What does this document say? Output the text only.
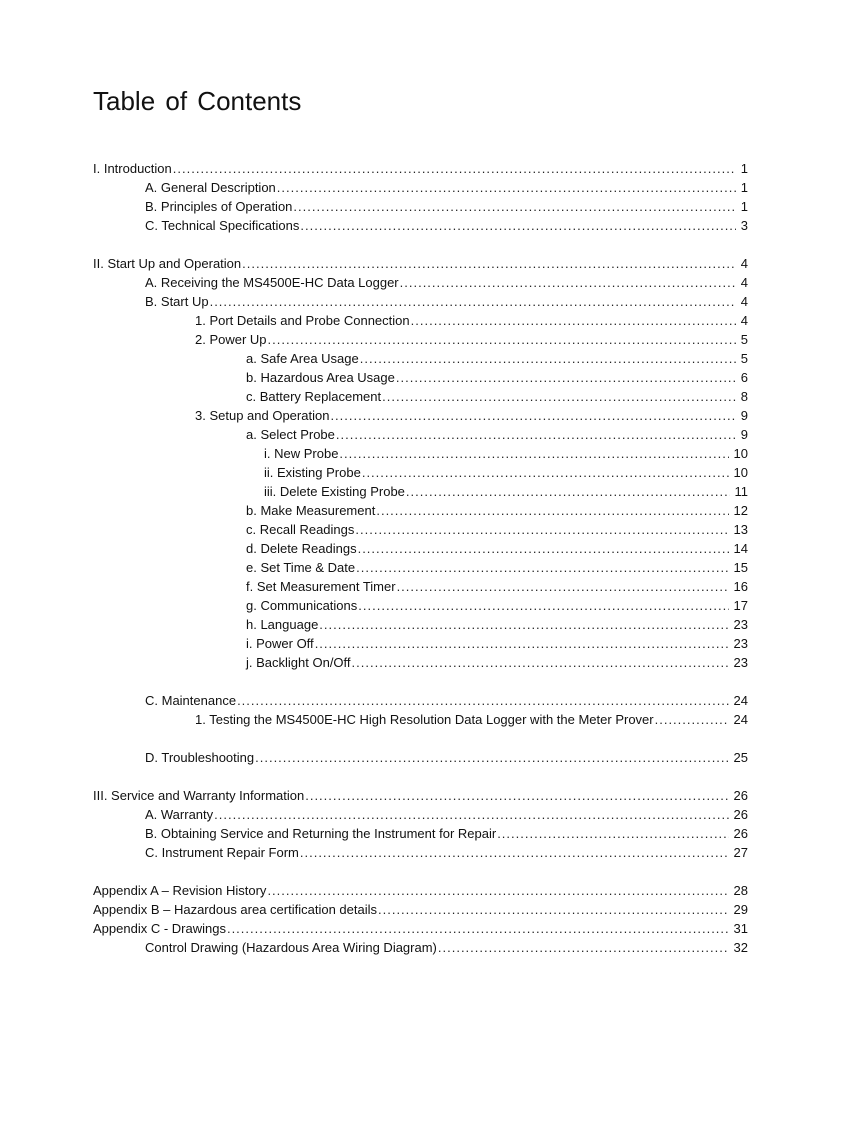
Table of Contents
I. Introduction .....	1
A. General Description .....	1
B. Principles of Operation .....	1
C. Technical Specifications .....	3
II. Start Up and Operation .....	4
A. Receiving the MS4500E-HC Data Logger .....	4
B. Start Up .....	4
1. Port Details and Probe Connection .....	4
2. Power Up .....	5
a. Safe Area Usage .....	5
b. Hazardous Area Usage .....	6
c. Battery Replacement .....	8
3. Setup and Operation .....	9
a. Select Probe .....	9
i. New Probe .....	10
ii. Existing Probe .....	10
iii. Delete Existing Probe .....	11
b. Make Measurement .....	12
c. Recall Readings .....	13
d. Delete Readings .....	14
e. Set Time & Date .....	15
f. Set Measurement Timer .....	16
g. Communications .....	17
h. Language .....	23
i. Power Off .....	23
j. Backlight On/Off .....	23
C. Maintenance .....	24
1. Testing the MS4500E-HC High Resolution Data Logger with the Meter Prover .....	24
D. Troubleshooting .....	25
III. Service and Warranty Information .....	26
A. Warranty .....	26
B. Obtaining Service and Returning the Instrument for Repair .....	26
C. Instrument Repair Form .....	27
Appendix A – Revision History .....	28
Appendix B – Hazardous area certification details .....	29
Appendix C - Drawings .....	31
Control Drawing (Hazardous Area Wiring Diagram) .....	32
